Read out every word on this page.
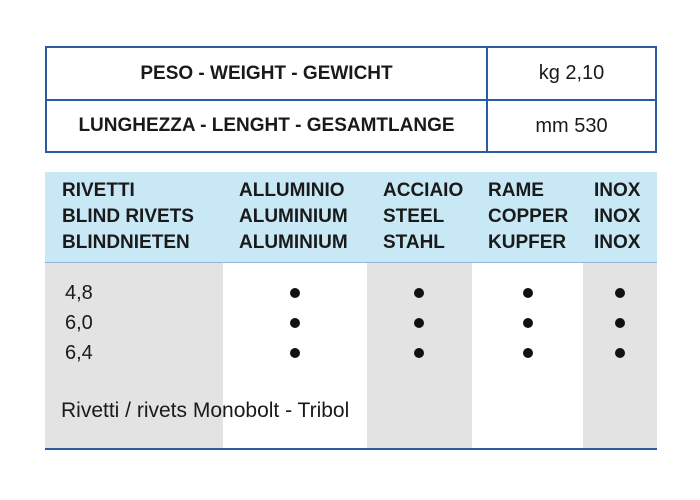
PESO - WEIGHT - GEWICHT	kg 2,10
LUNGHEZZA - LENGHT - GESAMTLANGE	mm 530
RIVETTI
BLIND RIVETS
BLINDNIETEN
ALLUMINIO
ALUMINIUM
ALUMINIUM
ACCIAIO
STEEL
STAHL
RAME
COPPER
KUPFER
INOX
INOX
INOX
4,8
6,0
6,4
Rivetti / rivets Monobolt - Tribol
